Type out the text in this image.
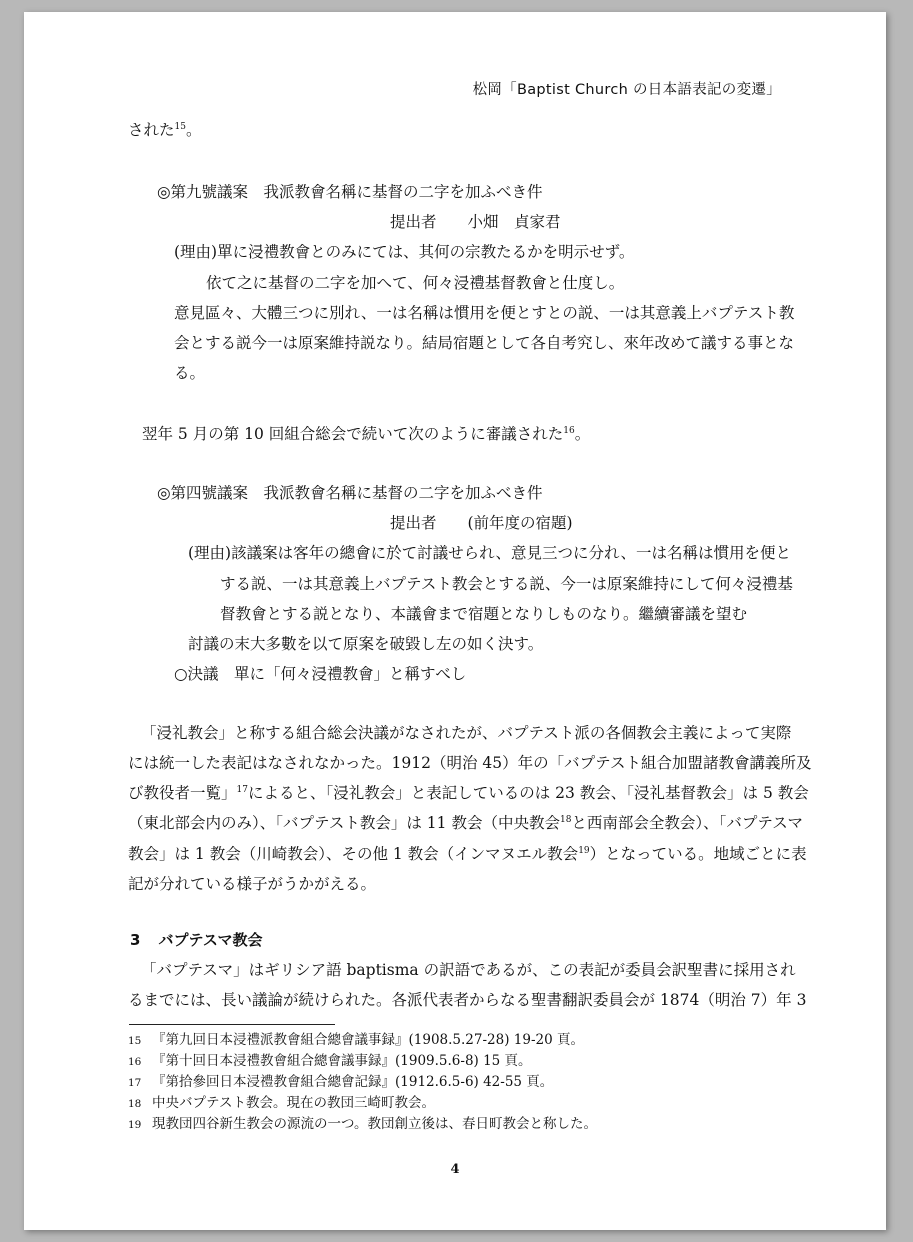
松岡「Baptist Church の日本語表記の変遷」
された$^{15}$。
◎第九號議案　我派教會名稱に基督の二字を加ふべき件
提出者　　小畑　貞家君
(理由)單に浸禮教會とのみにては、其何の宗教たるかを明示せず。
依て之に基督の二字を加へて、何々浸禮基督教會と仕度し。
意見區々、大體三つに別れ、一は名稱は慣用を便とすとの説、一は其意義上バプテスト教
会とする説今一は原案維持説なり。結局宿題として各自考究し、來年改めて議する事とな
る。
翌年 5 月の第 10 回組合総会で続いて次のように審議された$^{16}$。
◎第四號議案　我派教會名稱に基督の二字を加ふべき件
提出者　　(前年度の宿題)
(理由)該議案は客年の總會に於て討議せられ、意見三つに分れ、一は名稱は慣用を便と
する説、一は其意義上バプテスト教会とする説、今一は原案維持にして何々浸禮基
督教會とする説となり、本議會まで宿題となりしものなり。繼續審議を望む
討議の末大多數を以て原案を破毀し左の如く決す。
○決議　單に「何々浸禮教會」と稱すべし
「浸礼教会」と称する組合総会決議がなされたが、バプテスト派の各個教会主義によって実際
には統一した表記はなされなかった。1912（明治 45）年の「バプテスト組合加盟諸教會講義所及
び教役者一覧」$^{17}$によると、「浸礼教会」と表記しているのは 23 教会、「浸礼基督教会」は 5 教会
（東北部会内のみ）、「バプテスト教会」は 11 教会（中央教会$^{18}$と西南部会全教会）、「バプテスマ
教会」は 1 教会（川崎教会）、その他 1 教会（インマヌエル教会$^{19}$）となっている。地域ごとに表
記が分れている様子がうかがえる。
3 バプテスマ教会
「バプテスマ」はギリシア語 baptisma の訳語であるが、この表記が委員会訳聖書に採用され
るまでには、長い議論が続けられた。各派代表者からなる聖書翻訳委員会が 1874（明治 7）年 3
15 『第九回日本浸禮派教會組合總會議事録』(1908.5.27-28) 19-20 頁。
16 『第十回日本浸禮教會組合總會議事録』(1909.5.6-8) 15 頁。
17 『第拾參回日本浸禮教會組合總會記録』(1912.6.5-6) 42-55 頁。
18 中央バプテスト教会。現在の教団三崎町教会。
19 現教団四谷新生教会の源流の一つ。教団創立後は、春日町教会と称した。
4
